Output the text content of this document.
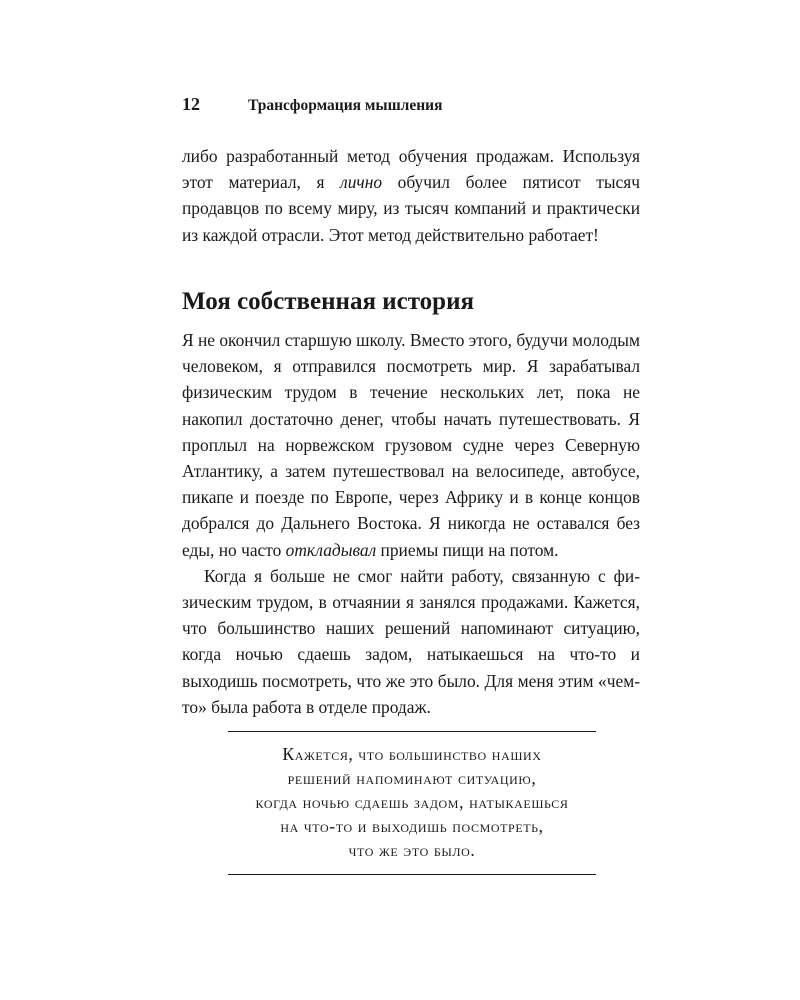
12	Трансформация мышления

либо разработанный метод обучения продажам. Используя этот материал, я лично обучил более пятисот тысяч продавцов по всему миру, из тысяч компаний и практически из каждой отрасли. Этот метод действительно работает!

Моя собственная история

Я не окончил старшую школу. Вместо этого, будучи молодым человеком, я отправился посмотреть мир. Я зарабатывал физическим трудом в течение нескольких лет, пока не накопил достаточно денег, чтобы начать путешествовать. Я проплыл на норвежском грузовом судне через Северную Атлантику, а затем путешествовал на велосипеде, автобусе, пикапе и поезде по Европе, через Африку и в конце концов добрался до Дальнего Востока. Я никогда не оставался без еды, но часто откладывал приемы пищи на потом.

Когда я больше не смог найти работу, связанную с физическим трудом, в отчаянии я занялся продажами. Кажется, что большинство наших решений напоминают ситуацию, когда ночью сдаешь задом, натыкаешься на что-то и выходишь посмотреть, что же это было. Для меня этим «чем-то» была работа в отделе продаж.

Кажется, что большинство наших
решений напоминают ситуацию,
когда ночью сдаешь задом, натыкаешься
на что-то и выходишь посмотреть,
что же это было.
